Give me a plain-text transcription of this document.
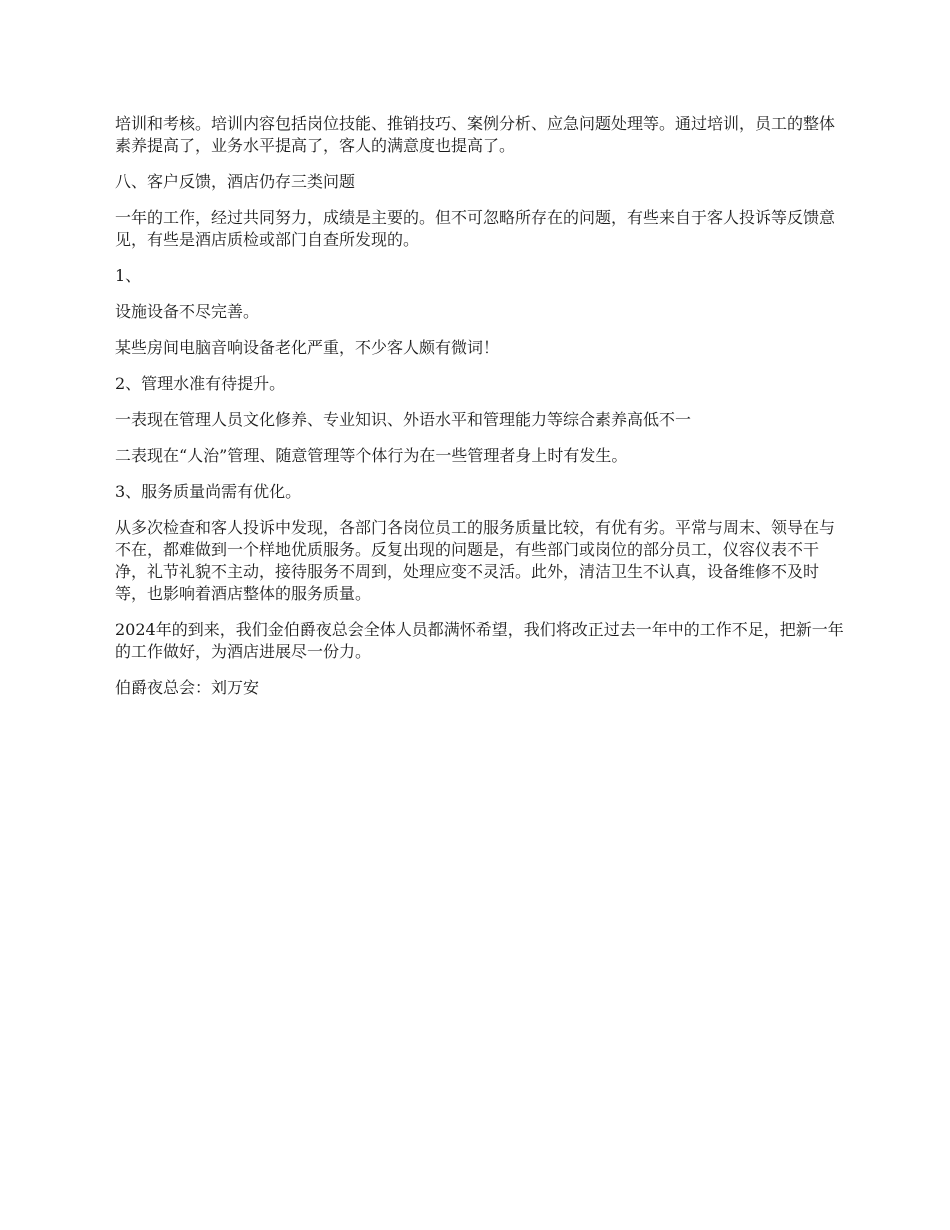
培训和考核。培训内容包括岗位技能、推销技巧、案例分析、应急问题处理等。通过培训，员工的整体素养提高了，业务水平提高了，客人的满意度也提高了。

八、客户反馈，酒店仍存三类问题

一年的工作，经过共同努力，成绩是主要的。但不可忽略所存在的问题，有些来自于客人投诉等反馈意见，有些是酒店质检或部门自查所发现的。

1、

设施设备不尽完善。

某些房间电脑音响设备老化严重，不少客人颇有微词！

2、管理水准有待提升。

一表现在管理人员文化修养、专业知识、外语水平和管理能力等综合素养高低不一

二表现在“人治”管理、随意管理等个体行为在一些管理者身上时有发生。

3、服务质量尚需有优化。

从多次检查和客人投诉中发现，各部门各岗位员工的服务质量比较，有优有劣。平常与周末、领导在与不在，都难做到一个样地优质服务。反复出现的问题是，有些部门或岗位的部分员工，仪容仪表不干净，礼节礼貌不主动，接待服务不周到，处理应变不灵活。此外，清洁卫生不认真，设备维修不及时等，也影响着酒店整体的服务质量。

2024年的到来，我们金伯爵夜总会全体人员都满怀希望，我们将改正过去一年中的工作不足，把新一年的工作做好，为酒店进展尽一份力。

伯爵夜总会：刘万安
